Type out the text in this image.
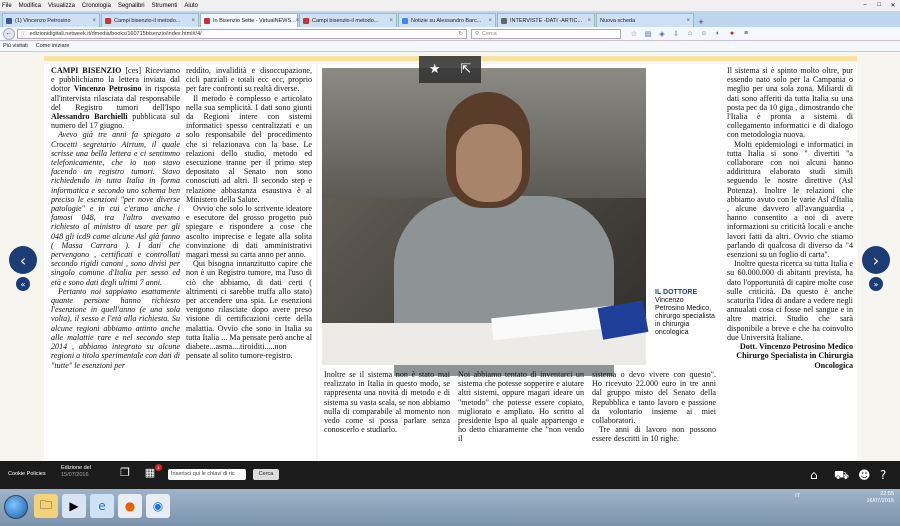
File Modifica Visualizza Cronologia Segnalibri Strumenti Aiuto	–	□	✕
(1) Vincenzo Petrosino	×	Campi bisenzio-il metodo... ×	In Bisenzio Sette - VirtualNEWS... × Campi bisenzio-il metodo... ×	Notizie su Alessandro Barc... ×	INTERVISTE -DATI -ARTIC... × Nuova scheda	× +
←	ⓘ edizionidigitali.netweek.it/dmedia/books/160715bisenzio/index.html#/4/	↻ ⚲ Cerca	☆	▤	◈	⇩	⌂	☺	◐	●	≡
Più visitati Come iniziare

CAMPI BISENZIO [ces] Riceviamo e pubblichiamo la lettera inviata dal dottor Vincenzo Petrosino in risposta all'intervista rilasciata dal responsabile del Registro tumori dell'Ispo Alessandro Barchielli pubblicata sul numero del 17 giugno.

Avevo già tre anni fa spiegato a Crocetti segretario Airtum, il quale scrisse una bella lettera e ci sentimmo telefonicamente, che io non stavo facendo un registro tumori. Stavo richiedendo in tutta Italia in forma informatica e secondo uno schema ben preciso le esenzioni "per nove diverse patologie" e in cui c'erano anche i famosi 048, tra l'altro avevamo richiesto al ministro di usare per gli 048 gli icd9 come alcune Asl già fanno ( Massa Carrara ). I dati che pervengono , certificati e controllati secondo rigidi canoni , sono divisi per singolo comune d'Italia per sesso ed età e sono dati degli ultimi 7 anni.

Pertanto noi sappiamo esattamente quante persone hanno richiesto l'esenzione in quell'anno (e una sola volta), il sesso e l'età alla richiesta. Su alcune regioni abbiamo attinto anche alle malattie rare e nel secondo step 2014 , abbiamo integrato su alcune regioni a titolo sperimentale con dati di "tutte" le esenzioni per

reddito, invalidità e disoccupazione, cicli parziali e totali ecc ecc, proprio per fare confronti su realtà diverse.

Il metodo è complesso e articolato nella sua semplicità. I dati sono giunti da Regioni intere con sistemi informatici spesso centralizzati e un solo responsabile del procedimento che si relazionava con la base. Le relazioni dello studio, metodo ed esecuzione tranne per il primo step depositato al Senato non sono conosciuti ad altri. Il secondo step e relazione abbastanza esaustiva è al Ministero della Salute.

Ovvio che solo lo scrivente ideatore e esecutore del grosso progetto può spiegare e rispondere a cose che ascolto imprecise e legate alla solita convinzione di dati amministrativi magari messi su carta anno per anno.

Qui bisogna innanzitutto capire che non è un Registro tumore, ma l'uso di ciò che abbiamo, di dati certi ( altrimenti ci sarebbe truffa allo stato) per accendere una spia. Le esenzioni vengono rilasciate dopo avere preso visione di certificazioni certe della malattia. Ovvio che sono in Italia su tutta Italia ... Ma pensate però anche al diabete...asma....tiroiditi.....non pensate al solito tumore-registro.

★ ⇱
IL DOTTORE
Vincenzo Petrosino Medico, chirurgo specialista in chirurgia oncologica

Inoltre se il sistema non è stato mai realizzato in Italia in questo modo, se rappresenta una novità di metodo e di sistema su vasta scala, se non abbiamo nulla di comparabile al momento non vedo come si possa parlare senza conoscerlo e studiarlo.

Noi abbiamo tentato di inventarci un sistema che potesse sopperire e aiutare altri sistemi, oppure magari ideare un "metodo" che potesse essere copiato, migliorato e ampliato. Ho scritto al presidente Ispo al quale appartengo e ho detto chiaramente che "non vendo il

sistema o devo vivere con questo". Ho ricevuto 22.000 euro in tre anni dal gruppo misto del Senato della Repubblica e tanto lavoro e passione da volontario insieme ai miei collaboratori.

Tre anni di lavoro non possono essere descritti in 10 righe.

Il sistema si è spinto molto oltre, pur essendo nato solo per la Campania o meglio per una sola zona. Miliardi di dati sono afferiti da tutta Italia su una posta pec da 10 giga , dimostrando che l'Italia è pronta a sistemi di collegamento informatici e di dialogo con metodologia nuova.

Molti epidemiologi e informatici in tutta Italia si sono " divertiti "a collaborare con noi alcuni hanno addirittura elaborato studi simili seguendo le nostre direttive (Asl Potenza). Inoltre le relazioni che abbiamo avuto con le varie Asl d'Italia , alcune davvero all'avanguardia , hanno consentito a noi di avere informazioni su criticità locali e anche lavori fatti da altri. Ovvio che stiamo parlando di qualcosa di diverso da "4 esenzioni su un foglio di carta".

Inoltre questa ricerca su tutta Italia e su 60.000.000 di abitanti prevista, ha dato l'opportunità di capire molte cose sulle criticità. Da questo è anche scaturita l'idea di andare a vedere negli annualati cosa ci fosse nel sangue e in altre matrici. Studio che sarà disponibile a breve e che ha coinvolto due Università Italiane.

Dott. Vincenzo Petrosino Medico Chirurgo Specialista in Chirurgia Oncologica

‹
«
›
»
Cookie Policies
Edizione del
15/07/2016	❐ ▦ 1
Inserisci qui le chiavi di ric	Cerca	⌂ ⛟ ☻ ?
🗀	▶	e	●	◉
IT	22:55
16/07/2016
